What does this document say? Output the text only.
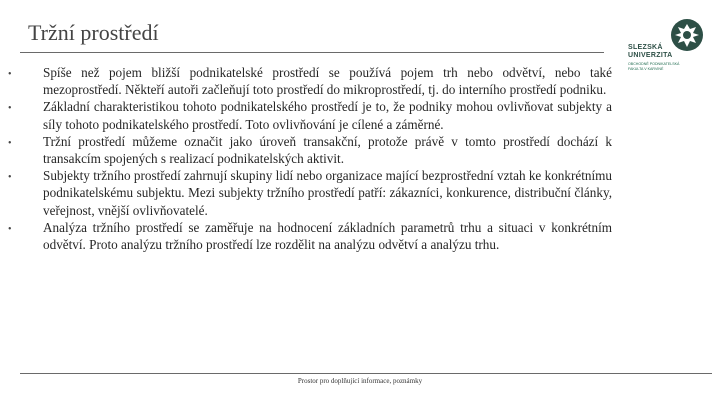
Tržní prostředí
SLEZSKÁ
UNIVERZITA
OBCHODNĚ PODNIKATELSKÁ
FAKULTA V KARVINÉ
• Spíše než pojem bližší podnikatelské prostředí se používá pojem trh nebo odvětví, nebo také mezoprostředí. Někteří autoři začleňují toto prostředí do mikroprostředí, tj. do interního prostředí podniku.
• Základní charakteristikou tohoto podnikatelského prostředí je to, že podniky mohou ovlivňovat subjekty a síly tohoto podnikatelského prostředí. Toto ovlivňování je cílené a záměrné.
• Tržní prostředí můžeme označit jako úroveň transakční, protože právě v tomto prostředí dochází k transakcím spojených s realizací podnikatelských aktivit.
• Subjekty tržního prostředí zahrnují skupiny lidí nebo organizace mající bezprostřední vztah ke konkrétnímu podnikatelskému subjektu. Mezi subjekty tržního prostředí patří: zákazníci, konkurence, distribuční články, veřejnost, vnější ovlivňovatelé.
• Analýza tržního prostředí se zaměřuje na hodnocení základních parametrů trhu a situaci v konkrétním odvětví. Proto analýzu tržního prostředí lze rozdělit na analýzu odvětví a analýzu trhu.
Prostor pro doplňující informace, poznámky
